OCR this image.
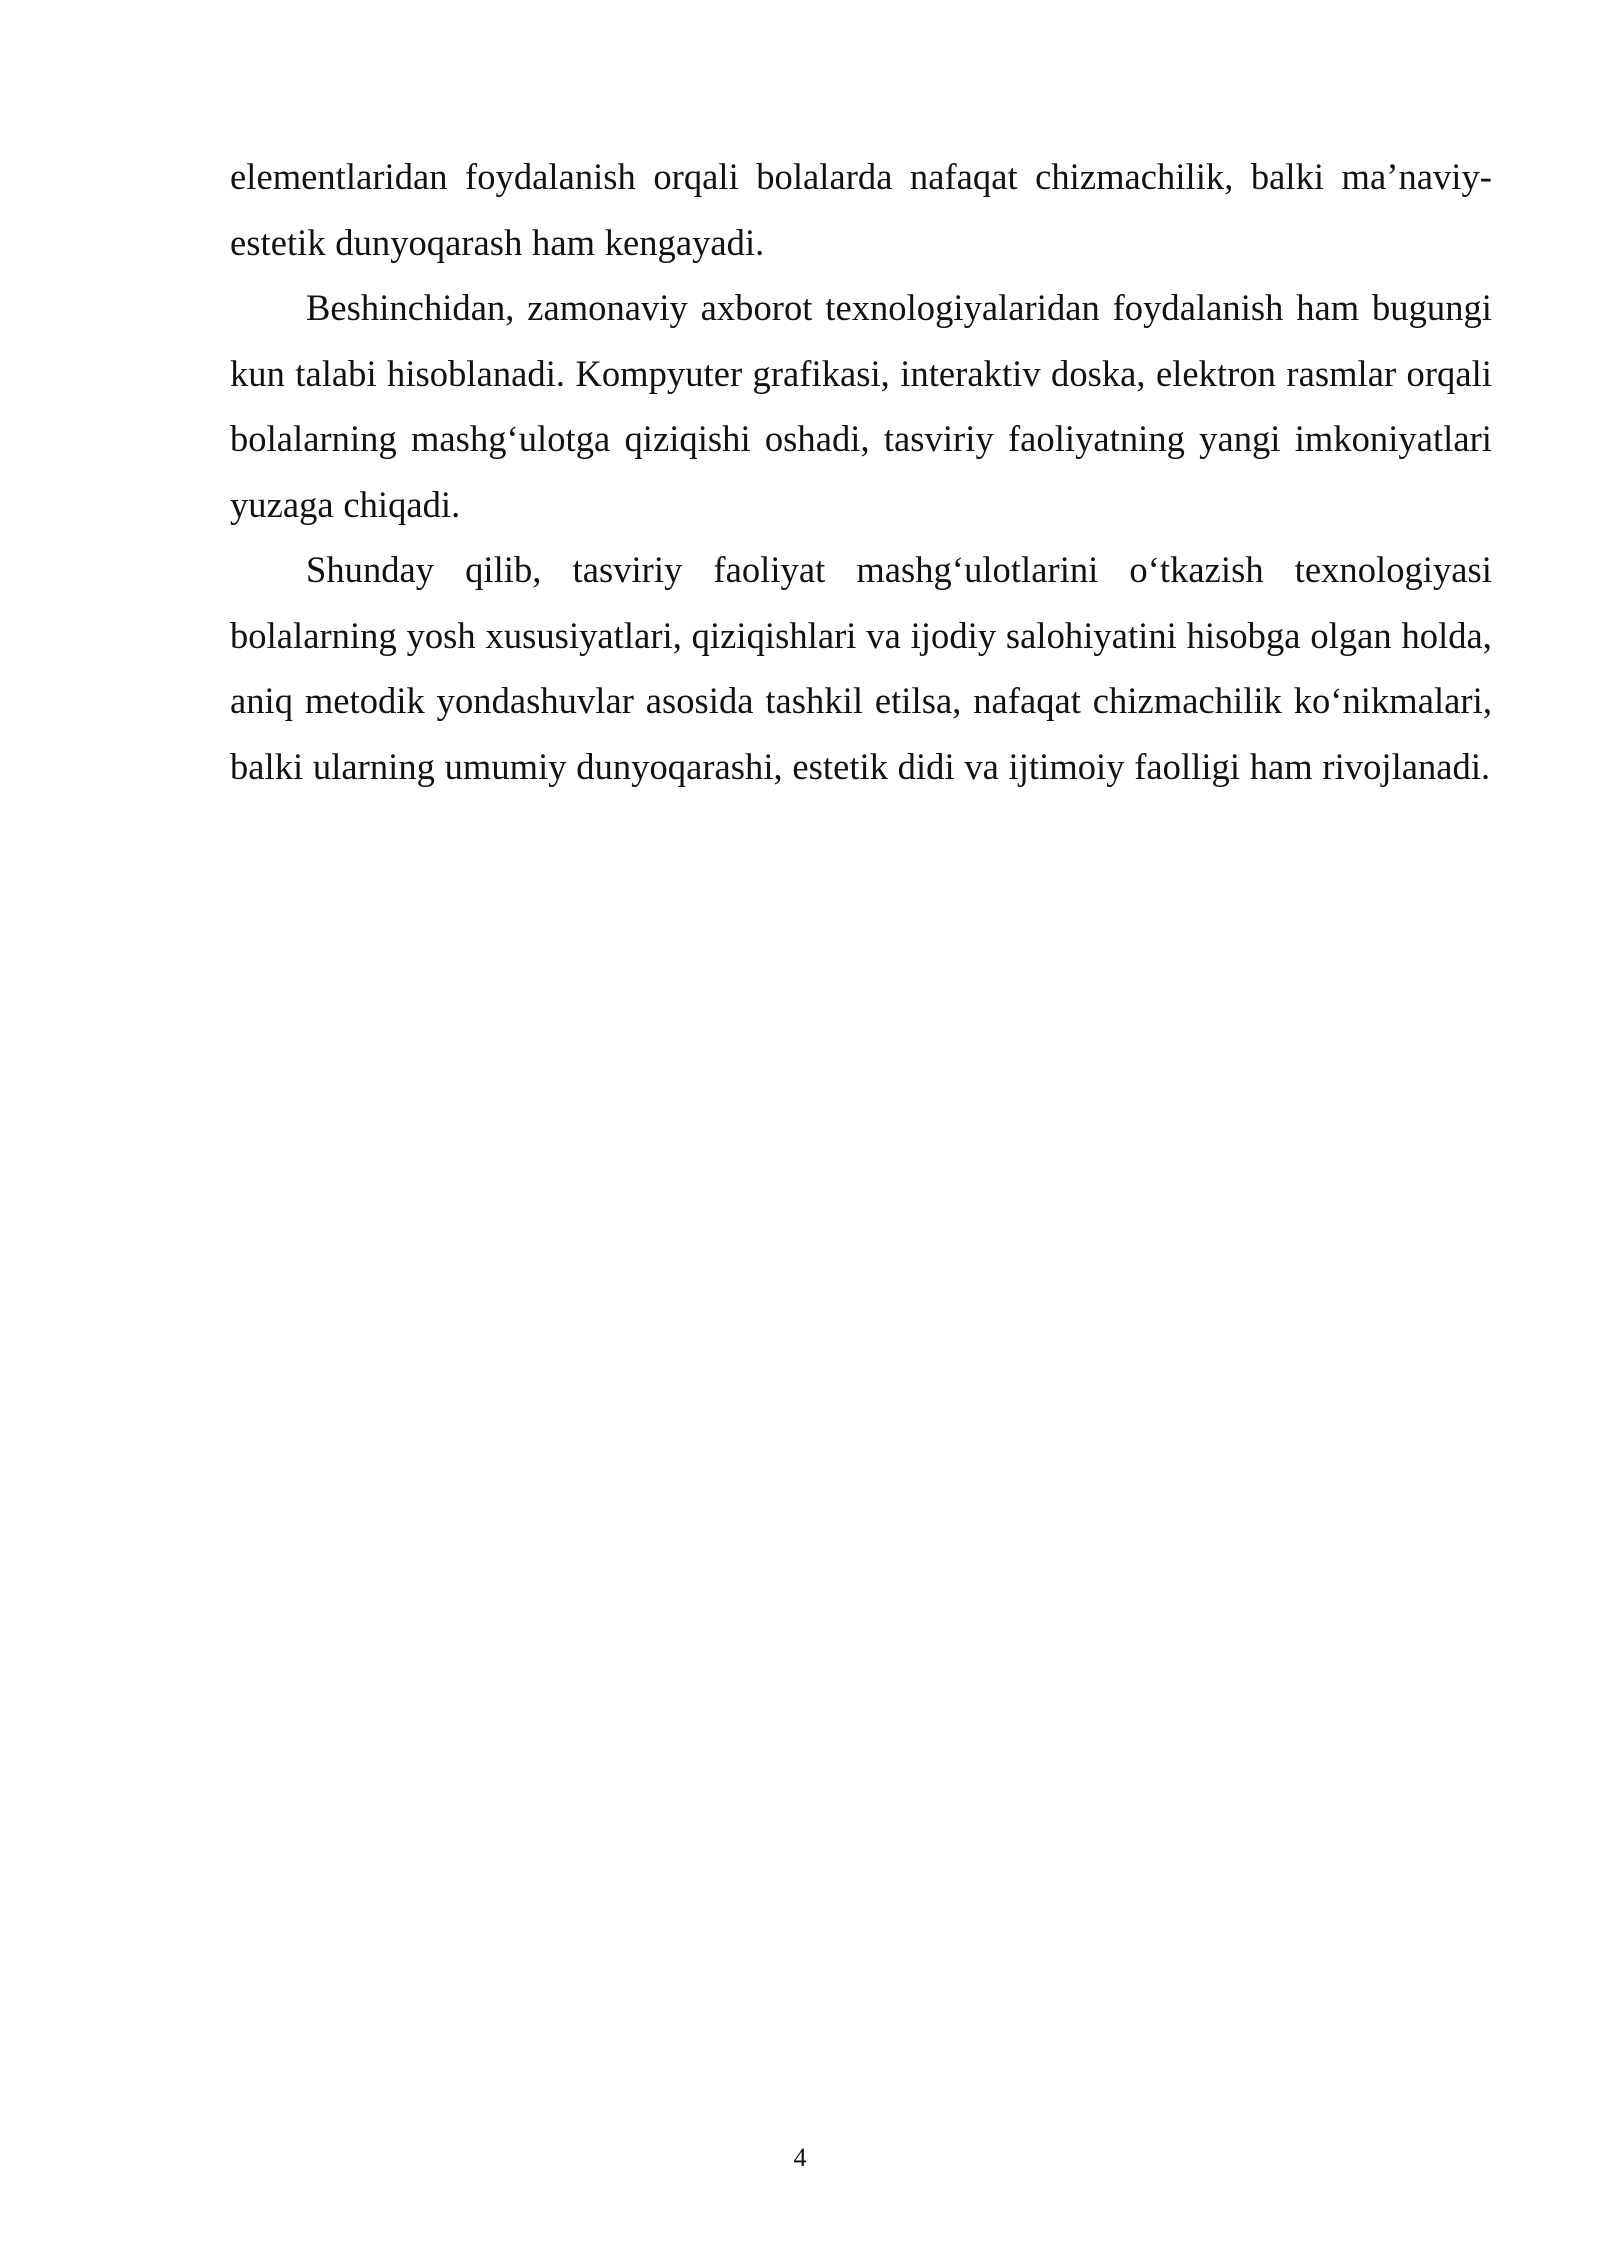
elementlaridan foydalanish orqali bolalarda nafaqat chizmachilik, balki ma’naviy-estetik dunyoqarash ham kengayadi.

Beshinchidan, zamonaviy axborot texnologiyalaridan foydalanish ham bugungi kun talabi hisoblanadi. Kompyuter grafikasi, interaktiv doska, elektron rasmlar orqali bolalarning mashg‘ulotga qiziqishi oshadi, tasviriy faoliyatning yangi imkoniyatlari yuzaga chiqadi.

Shunday qilib, tasviriy faoliyat mashg‘ulotlarini o‘tkazish texnologiyasi bolalarning yosh xususiyatlari, qiziqishlari va ijodiy salohiyatini hisobga olgan holda, aniq metodik yondashuvlar asosida tashkil etilsa, nafaqat chizmachilik ko‘nikmalari, balki ularning umumiy dunyoqarashi, estetik didi va ijtimoiy faolligi ham rivojlanadi.

4
